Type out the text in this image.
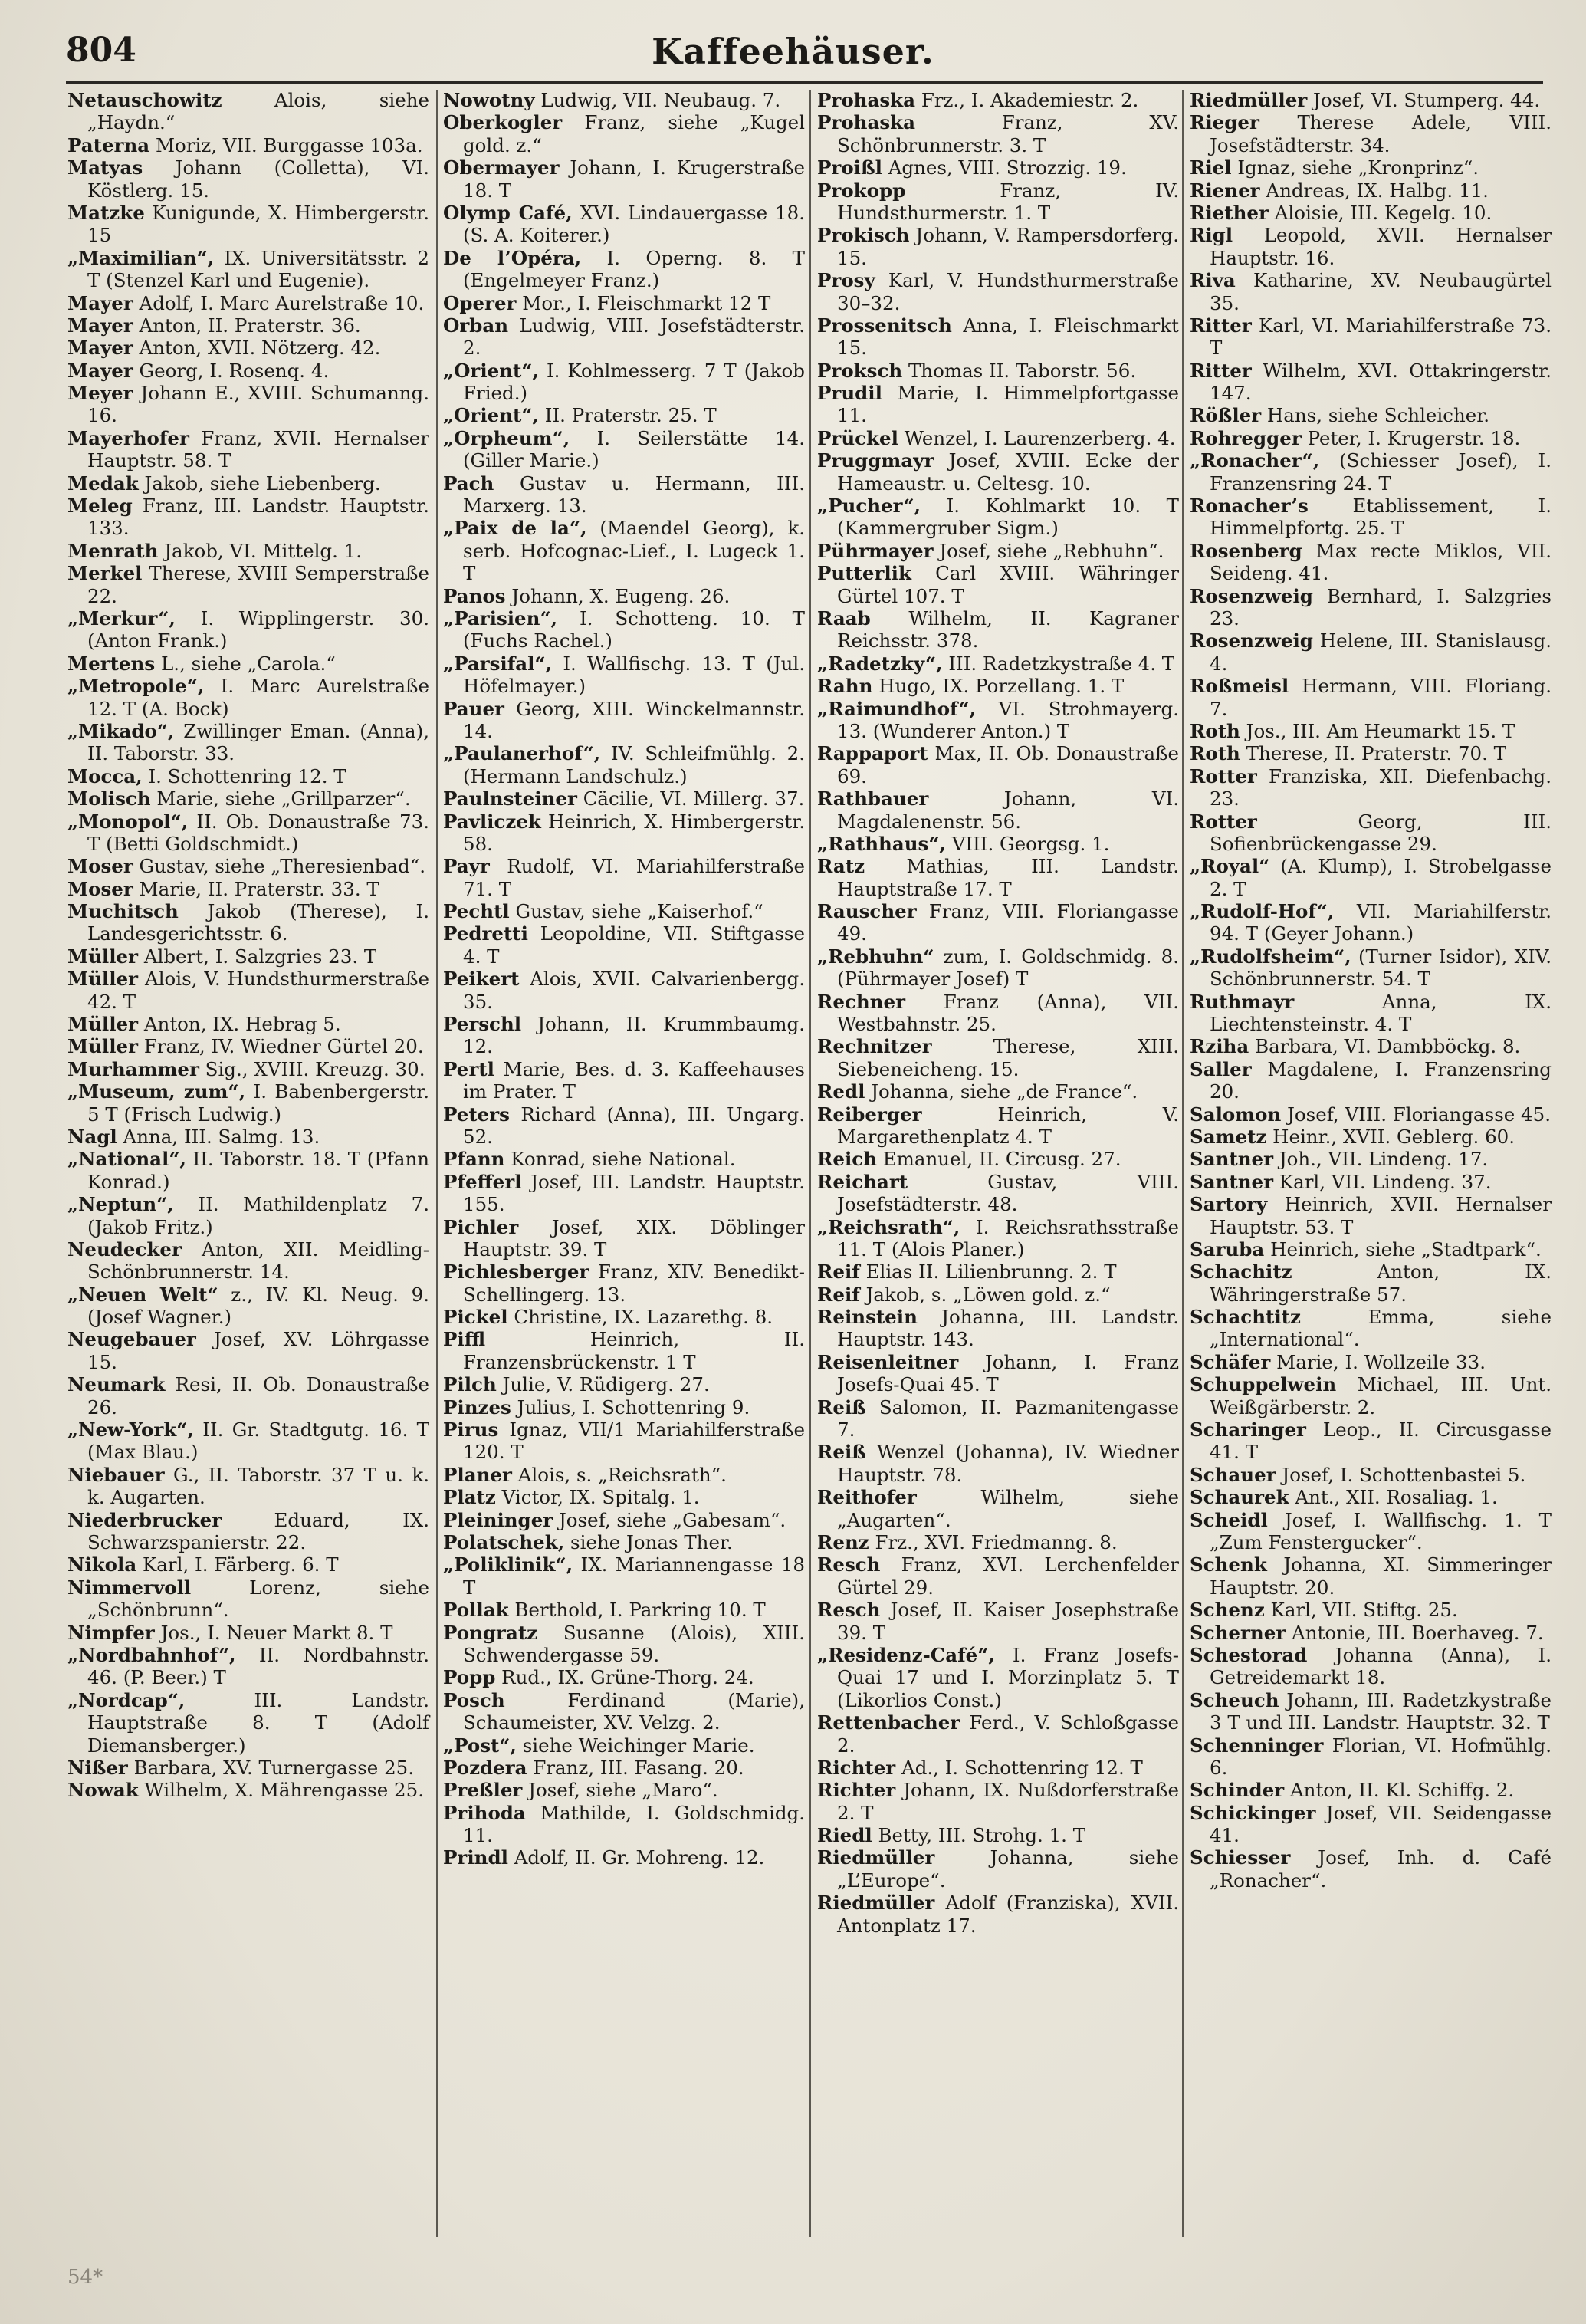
804	Kaffeehäuser.

Netauschowitz	Alois, siehe „Haydn.“

Paterna Moriz, VII. Burggasse 103a.

Matyas Johann (Colletta), VI. Köstlerg. 15.

Matzke Kunigunde, X. Himbergerstr. 15

„Maximilian“, IX. Universitätsstr. 2 T (Stenzel Karl und Eugenie).

Mayer Adolf, I. Marc Aurelstraße 10.

Mayer Anton, II. Praterstr. 36.

Mayer Anton, XVII. Nötzerg. 42.

Mayer Georg, I. Rosenq. 4.

Meyer Johann E., XVIII. Schumanng. 16.

Mayerhofer Franz, XVII. Hernalser Hauptstr. 58. T

Medak Jakob, siehe Liebenberg.

Meleg Franz, III. Landstr. Hauptstr. 133.

Menrath Jakob, VI. Mittelg. 1.

Merkel Therese, XVIII Semperstraße 22.

„Merkur“, I. Wipplingerstr. 30. (Anton Frank.)

Mertens L., siehe „Carola.“

„Metropole“, I. Marc Aurelstraße 12. T (A. Bock)

„Mikado“, Zwillinger Eman. (Anna), II. Taborstr. 33.

Mocca, I. Schottenring 12. T

Molisch Marie, siehe „Grillparzer“.

„Monopol“, II. Ob. Donaustraße 73. T (Betti Goldschmidt.)

Moser Gustav, siehe „Theresienbad“.

Moser Marie, II. Praterstr. 33. T

Muchitsch Jakob (Therese), I. Landesgerichtsstr. 6.

Müller Albert, I. Salzgries 23. T

Müller Alois, V. Hundsthurmerstraße 42. T

Müller Anton, IX. Hebrag 5.

Müller Franz, IV. Wiedner Gürtel 20.

Murhammer Sig., XVIII. Kreuzg. 30.

„Museum, zum“, I. Babenbergerstr. 5 T (Frisch Ludwig.)

Nagl Anna, III. Salmg. 13.

„National“, II. Taborstr. 18. T (Pfann Konrad.)

„Neptun“, II. Mathildenplatz 7. (Jakob Fritz.)

Neudecker Anton, XII. Meidling-Schönbrunnerstr. 14.

„Neuen Welt“ z., IV. Kl. Neug. 9. (Josef Wagner.)

Neugebauer Josef, XV. Löhrgasse 15.

Neumark Resi, II. Ob. Donaustraße 26.

„New-York“, II. Gr. Stadtgutg. 16. T (Max Blau.)

Niebauer G., II. Taborstr. 37 T u. k. k. Augarten.

Niederbrucker	Eduard, IX. Schwarzspanierstr. 22.

Nikola Karl, I. Färberg. 6. T

Nimmervoll	Lorenz, siehe „Schönbrunn“.

Nimpfer Jos., I. Neuer Markt 8. T

„Nordbahnhof“, II. Nordbahnstr. 46. (P. Beer.) T

„Nordcap“,	III. Landstr. Hauptstraße 8. T (Adolf Diemansberger.)

Nißer Barbara, XV. Turnergasse 25.

Nowak Wilhelm, X. Mährengasse 25.

Nowotny Ludwig, VII. Neubaug. 7.

Oberkogler Franz, siehe „Kugel gold. z.“

Obermayer Johann, I. Krugerstraße 18. T

Olymp Café, XVI. Lindauergasse 18. (S. A. Koiterer.)

De l’Opéra, I. Operng. 8. T (Engelmeyer Franz.)

Operer Mor., I. Fleischmarkt 12 T

Orban Ludwig, VIII. Josefstädterstr. 2.

„Orient“, I. Kohlmesserg. 7 T (Jakob Fried.)

„Orient“, II. Praterstr. 25. T

„Orpheum“, I. Seilerstätte 14. (Giller Marie.)

Pach Gustav u. Hermann, III. Marxerg. 13.

„Paix de la“, (Maendel Georg), k. serb. Hofcognac-Lief., I. Lugeck 1. T

Panos Johann, X. Eugeng. 26.

„Parisien“, I. Schotteng. 10. T (Fuchs Rachel.)

„Parsifal“, I. Wallfischg. 13. T (Jul. Höfelmayer.)

Pauer Georg, XIII. Winckelmannstr. 14.

„Paulanerhof“, IV. Schleifmühlg. 2. (Hermann Landschulz.)

Paulnsteiner Cäcilie, VI. Millerg. 37.

Pavliczek Heinrich, X. Himbergerstr. 58.

Payr Rudolf, VI. Mariahilferstraße 71. T

Pechtl Gustav, siehe „Kaiserhof.“

Pedretti Leopoldine, VII. Stiftgasse 4. T

Peikert Alois, XVII. Calvarienbergg. 35.

Perschl Johann, II. Krummbaumg. 12.

Pertl Marie, Bes. d. 3. Kaffeehauses im Prater. T

Peters Richard (Anna), III. Ungarg. 52.

Pfann Konrad, siehe National.

Pfefferl Josef, III. Landstr. Hauptstr. 155.

Pichler Josef, XIX. Döblinger Hauptstr. 39. T

Pichlesberger Franz, XIV. Benedikt-Schellingerg. 13.

Pickel Christine, IX. Lazarethg. 8.

Piffl	Heinrich, II. Franzensbrückenstr. 1 T

Pilch Julie, V. Rüdigerg. 27.

Pinzes Julius, I. Schottenring 9.

Pirus Ignaz, VII/1 Mariahilferstraße 120. T

Planer Alois, s. „Reichsrath“.

Platz Victor, IX. Spitalg. 1.

Pleininger Josef, siehe „Gabesam“.

Polatschek, siehe Jonas Ther.

„Poliklinik“, IX. Mariannengasse 18 T

Pollak Berthold, I. Parkring 10. T

Pongratz Susanne (Alois), XIII. Schwendergasse 59.

Popp Rud., IX. Grüne-Thorg. 24.

Posch	Ferdinand (Marie), Schaumeister, XV. Velzg. 2.

„Post“, siehe Weichinger Marie.

Pozdera Franz, III. Fasang. 20.

Preßler Josef, siehe „Maro“.

Prihoda Mathilde, I. Goldschmidg. 11.

Prindl Adolf, II. Gr. Mohreng. 12.

Prohaska Frz., I. Akademiestr. 2.

Prohaska	Franz, XV. Schönbrunnerstr. 3. T

Proißl Agnes, VIII. Strozzig. 19.

Prokopp	Franz, IV. Hundsthurmerstr. 1. T

Prokisch Johann, V. Rampersdorferg. 15.

Prosy Karl, V. Hundsthurmerstraße 30–32.

Prossenitsch Anna, I. Fleischmarkt 15.

Proksch Thomas II. Taborstr. 56.

Prudil Marie, I. Himmelpfortgasse 11.

Prückel Wenzel, I. Laurenzerberg. 4.

Pruggmayr Josef, XVIII. Ecke der Hameaustr. u. Celtesg. 10.

„Pucher“, I. Kohlmarkt 10. T (Kammergruber Sigm.)

Pührmayer Josef, siehe „Rebhuhn“.

Putterlik Carl XVIII. Währinger Gürtel 107. T

Raab Wilhelm, II. Kagraner Reichsstr. 378.

„Radetzky“, III. Radetzkystraße 4. T

Rahn Hugo, IX. Porzellang. 1. T

„Raimundhof“, VI. Strohmayerg. 13. (Wunderer Anton.) T

Rappaport Max, II. Ob. Donaustraße 69.

Rathbauer	Johann, VI. Magdalenenstr. 56.

„Rathhaus“, VIII. Georgsg. 1.

Ratz Mathias, III. Landstr. Hauptstraße 17. T

Rauscher Franz, VIII. Floriangasse 49.

„Rebhuhn“ zum, I. Goldschmidg. 8. (Pührmayer Josef) T

Rechner Franz (Anna), VII. Westbahnstr. 25.

Rechnitzer	Therese, XIII. Siebeneicheng. 15.

Redl Johanna, siehe „de France“.

Reiberger	Heinrich, V. Margarethenplatz 4. T

Reich Emanuel, II. Circusg. 27.

Reichart	Gustav, VIII. Josefstädterstr. 48.

„Reichsrath“, I. Reichsrathsstraße 11. T (Alois Planer.)

Reif Elias II. Lilienbrunng. 2. T

Reif Jakob, s. „Löwen gold. z.“

Reinstein Johanna, III. Landstr. Hauptstr. 143.

Reisenleitner Johann, I. Franz Josefs-Quai 45. T

Reiß Salomon, II. Pazmanitengasse 7.

Reiß Wenzel (Johanna), IV. Wiedner Hauptstr. 78.

Reithofer	Wilhelm, siehe „Augarten“.

Renz Frz., XVI. Friedmanng. 8.

Resch Franz, XVI. Lerchenfelder Gürtel 29.

Resch Josef, II. Kaiser Josephstraße 39. T

„Residenz-Café“, I. Franz Josefs-Quai 17 und I. Morzinplatz 5. T (Likorlios Const.)

Rettenbacher Ferd., V. Schloßgasse 2.

Richter Ad., I. Schottenring 12. T

Richter Johann, IX. Nußdorferstraße 2. T

Riedl Betty, III. Strohg. 1. T

Riedmüller	Johanna, siehe „L’Europe“.

Riedmüller Adolf (Franziska), XVII. Antonplatz 17.

Riedmüller Josef, VI. Stumperg. 44.

Rieger Therese Adele, VIII. Josefstädterstr. 34.

Riel Ignaz, siehe „Kronprinz“.

Riener Andreas, IX. Halbg. 11.

Riether Aloisie, III. Kegelg. 10.

Rigl Leopold, XVII. Hernalser Hauptstr. 16.

Riva Katharine, XV. Neubaugürtel 35.

Ritter Karl, VI. Mariahilferstraße 73. T

Ritter Wilhelm, XVI. Ottakringerstr. 147.

Rößler Hans, siehe Schleicher.

Rohregger Peter, I. Krugerstr. 18.

„Ronacher“, (Schiesser Josef), I. Franzensring 24. T

Ronacher’s Etablissement, I. Himmelpfortg. 25. T

Rosenberg Max recte Miklos, VII. Seideng. 41.

Rosenzweig Bernhard, I. Salzgries 23.

Rosenzweig Helene, III. Stanislausg. 4.

Roßmeisl Hermann, VIII. Floriang. 7.

Roth Jos., III. Am Heumarkt 15. T

Roth Therese, II. Praterstr. 70. T

Rotter Franziska, XII. Diefenbachg. 23.

Rotter	Georg, III. Sofienbrückengasse 29.

„Royal“ (A. Klump), I. Strobelgasse 2. T

„Rudolf-Hof“, VII. Mariahilferstr. 94. T (Geyer Johann.)

„Rudolfsheim“, (Turner Isidor), XIV. Schönbrunnerstr. 54. T

Ruthmayr	Anna, IX. Liechtensteinstr. 4. T

Rziha Barbara, VI. Dambböckg. 8.

Saller Magdalene, I. Franzensring 20.

Salomon Josef, VIII. Floriangasse 45.

Sametz Heinr., XVII. Geblerg. 60.

Santner Joh., VII. Lindeng. 17.

Santner Karl, VII. Lindeng. 37.

Sartory Heinrich, XVII. Hernalser Hauptstr. 53. T

Saruba Heinrich, siehe „Stadtpark“.

Schachitz	Anton, IX. Währingerstraße 57.

Schachtitz	Emma, siehe „International“.

Schäfer Marie, I. Wollzeile 33.

Schuppelwein Michael, III. Unt. Weißgärberstr. 2.

Scharinger Leop., II. Circusgasse 41. T

Schauer Josef, I. Schottenbastei 5.

Schaurek Ant., XII. Rosaliag. 1.

Scheidl Josef, I. Wallfischg. 1. T „Zum Fenstergucker“.

Schenk Johanna, XI. Simmeringer Hauptstr. 20.

Schenz Karl, VII. Stiftg. 25.

Scherner Antonie, III. Boerhaveg. 7.

Schestorad Johanna (Anna), I. Getreidemarkt 18.

Scheuch Johann, III. Radetzkystraße 3 T und III. Landstr. Hauptstr. 32. T

Schenninger Florian, VI. Hofmühlg. 6.

Schinder Anton, II. Kl. Schiffg. 2.

Schickinger Josef, VII. Seidengasse 41.

Schiesser Josef, Inh. d. Café „Ronacher“.

54*
